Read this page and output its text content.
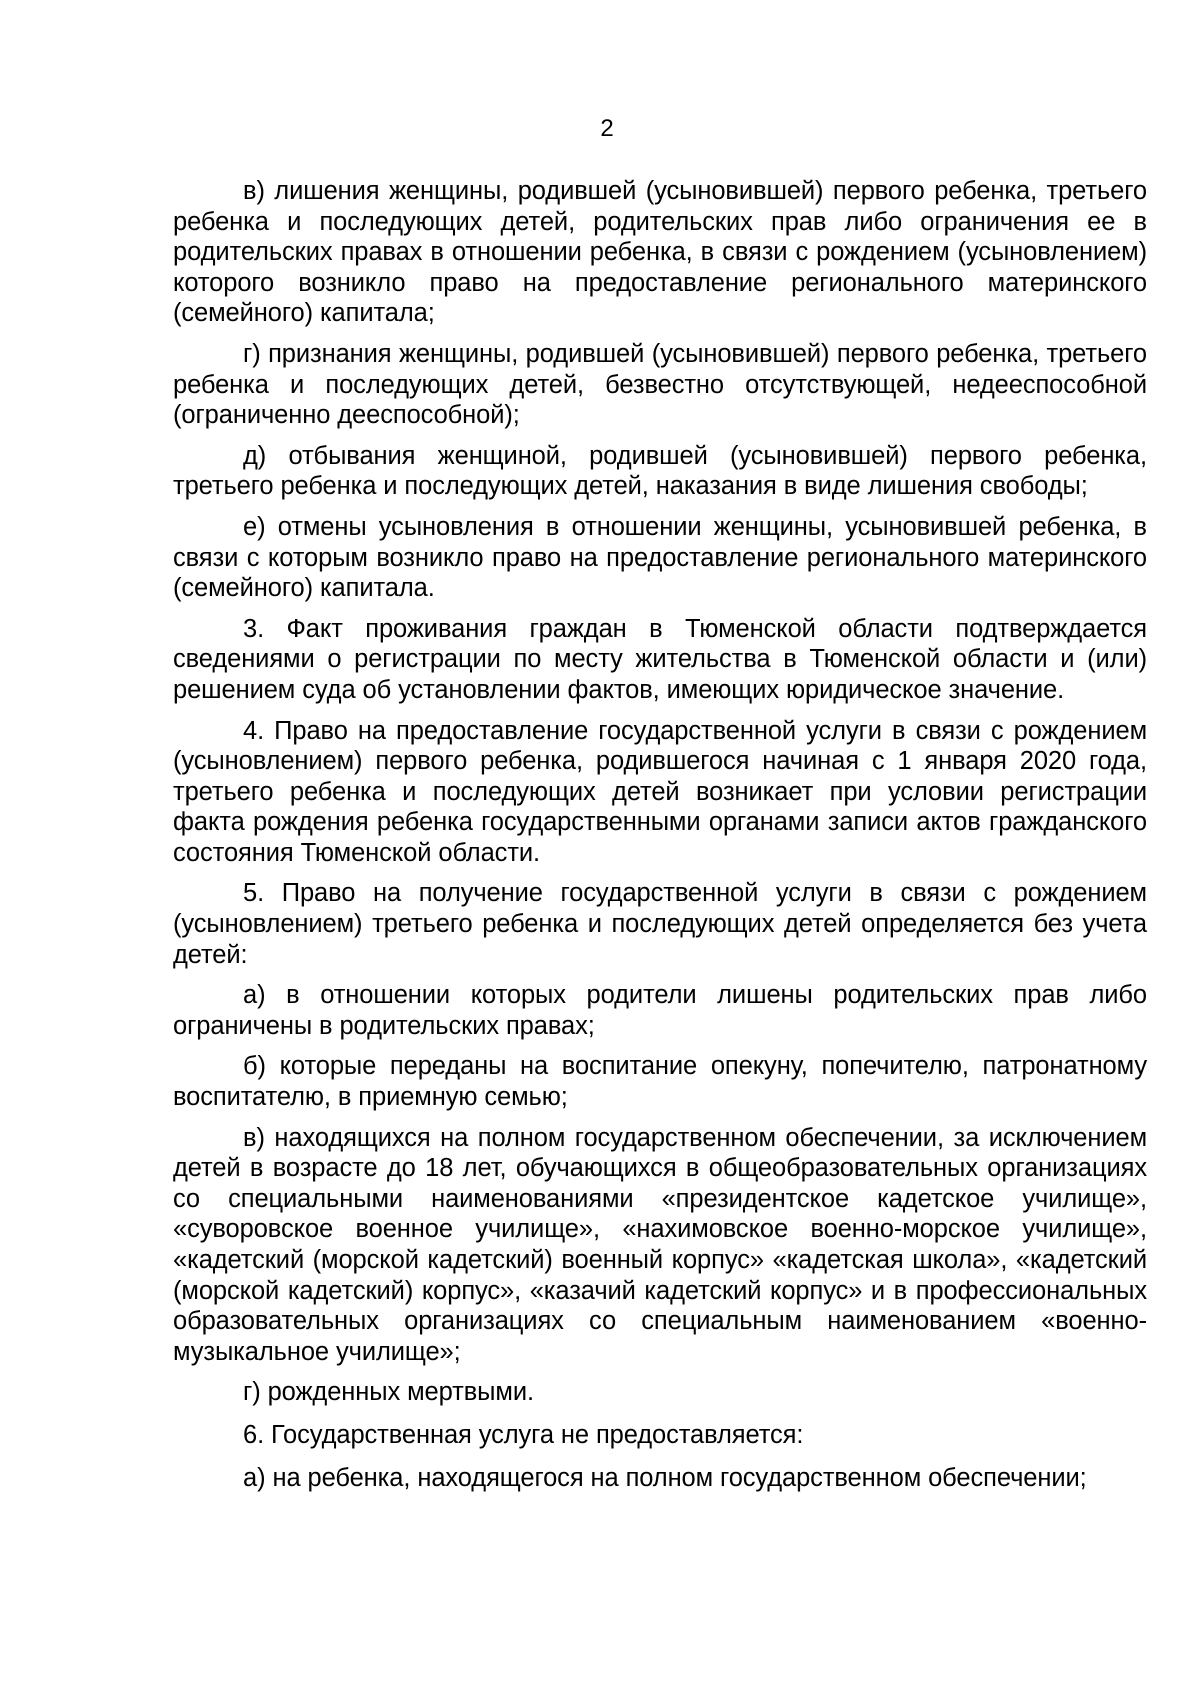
2

в) лишения женщины, родившей (усыновившей) первого ребенка, третьего ребенка и последующих детей, родительских прав либо ограничения ее в родительских правах в отношении ребенка, в связи с рождением (усыновлением) которого возникло право на предоставление регионального материнского (семейного) капитала;

г) признания женщины, родившей (усыновившей) первого ребенка, третьего ребенка и последующих детей, безвестно отсутствующей, недееспособной (ограниченно дееспособной);

д) отбывания женщиной, родившей (усыновившей) первого ребенка, третьего ребенка и последующих детей, наказания в виде лишения свободы;

е) отмены усыновления в отношении женщины, усыновившей ребенка, в связи с которым возникло право на предоставление регионального материнского (семейного) капитала.

3. Факт проживания граждан в Тюменской области подтверждается сведениями о регистрации по месту жительства в Тюменской области и (или) решением суда об установлении фактов, имеющих юридическое значение.

4. Право на предоставление государственной услуги в связи с рождением (усыновлением) первого ребенка, родившегося начиная с 1 января 2020 года, третьего ребенка и последующих детей возникает при условии регистрации факта рождения ребенка государственными органами записи актов гражданского состояния Тюменской области.

5. Право на получение государственной услуги в связи с рождением (усыновлением) третьего ребенка и последующих детей определяется без учета детей:

а) в отношении которых родители лишены родительских прав либо ограничены в родительских правах;

б) которые переданы на воспитание опекуну, попечителю, патронатному воспитателю, в приемную семью;

в) находящихся на полном государственном обеспечении, за исключением детей в возрасте до 18 лет, обучающихся в общеобразовательных организациях со специальными наименованиями «президентское кадетское училище», «суворовское военное училище», «нахимовское военно-морское училище», «кадетский (морской кадетский) военный корпус» «кадетская школа», «кадетский (морской кадетский) корпус», «казачий кадетский корпус» и в профессиональных образовательных организациях со специальным наименованием «военно-музыкальное училище»;

г) рожденных мертвыми.

6. Государственная услуга не предоставляется:

а) на ребенка, находящегося на полном государственном обеспечении;
